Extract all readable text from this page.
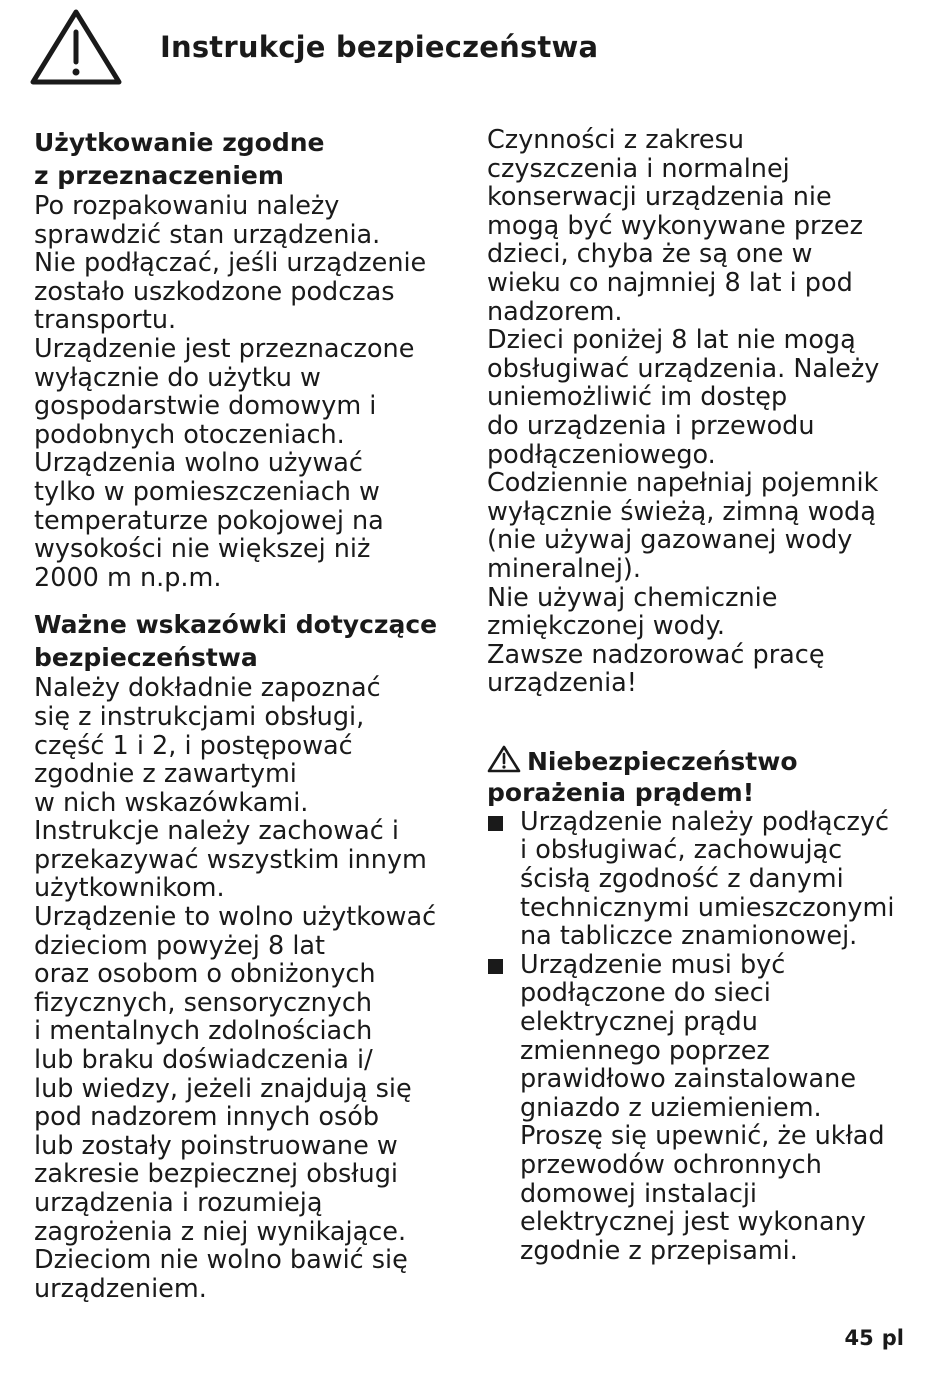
Instrukcje bezpieczeństwa
Użytkowanie zgodne
z przeznaczeniem

Po rozpakowaniu należy
sprawdzić stan urządzenia.
Nie podłączać, jeśli urządzenie
zostało uszkodzone podczas
transportu.
Urządzenie jest przeznaczone
wyłącznie do użytku w
gospodarstwie domowym i
podobnych otoczeniach.
Urządzenia wolno używać
tylko w pomieszczeniach w
temperaturze pokojowej na
wysokości nie większej niż
2000 m n.p.m.

Ważne wskazówki dotyczące
bezpieczeństwa

Należy dokładnie zapoznać
się z instrukcjami obsługi,
część 1 i 2, i postępować
zgodnie z zawartymi
w nich wskazówkami.
Instrukcje należy zachować i
przekazywać wszystkim innym
użytkownikom.
Urządzenie to wolno użytkować
dzieciom powyżej 8 lat
oraz osobom o obniżonych
fizycznych, sensorycznych
i mentalnych zdolnościach
lub braku doświadczenia i/
lub wiedzy, jeżeli znajdują się
pod nadzorem innych osób
lub zostały poinstruowane w
zakresie bezpiecznej obsługi
urządzenia i rozumieją
zagrożenia z niej wynikające.
Dzieciom nie wolno bawić się
urządzeniem.

Czynności z zakresu
czyszczenia i normalnej
konserwacji urządzenia nie
mogą być wykonywane przez
dzieci, chyba że są one w
wieku co najmniej 8 lat i pod
nadzorem.
Dzieci poniżej 8 lat nie mogą
obsługiwać urządzenia. Należy
uniemożliwić im dostęp
do urządzenia i przewodu
podłączeniowego.
Codziennie napełniaj pojemnik
wyłącznie świeżą, zimną wodą
(nie używaj gazowanej wody
mineralnej).
Nie używaj chemicznie
zmiękczonej wody.
Zawsze nadzorować pracę
urządzenia!

Niebezpieczeństwo
porażenia prądem!

Urządzenie należy podłączyć
i obsługiwać, zachowując
ścisłą zgodność z danymi
technicznymi umieszczonymi
na tabliczce znamionowej.

Urządzenie musi być
podłączone do sieci
elektrycznej prądu
zmiennego poprzez
prawidłowo zainstalowane
gniazdo z uziemieniem.
Proszę się upewnić, że układ
przewodów ochronnych
domowej instalacji
elektrycznej jest wykonany
zgodnie z przepisami.

45 pl
